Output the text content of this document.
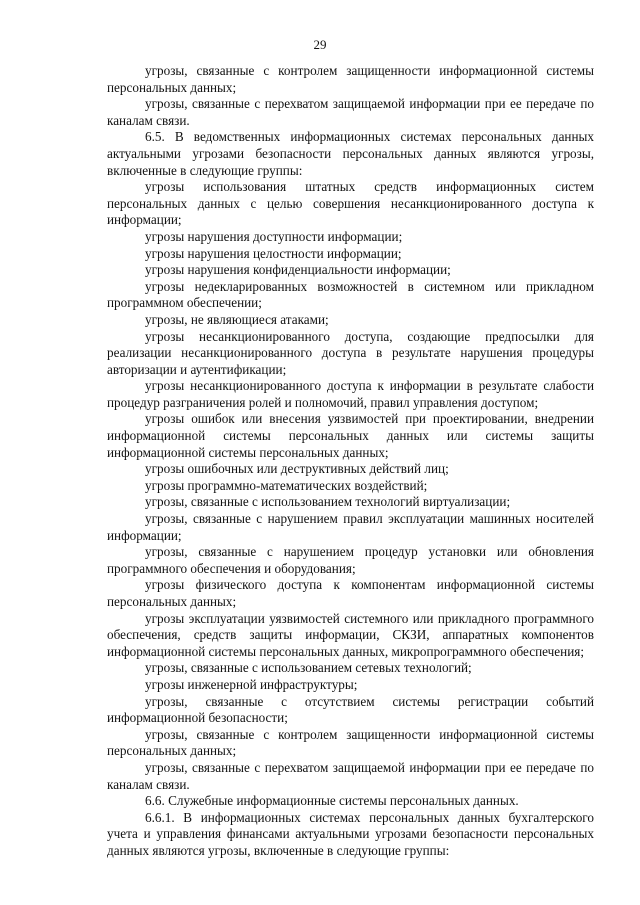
29

угрозы, связанные с контролем защищенности информационной системы персональных данных;

угрозы, связанные с перехватом защищаемой информации при ее передаче по каналам связи.

6.5. В ведомственных информационных системах персональных данных актуальными угрозами безопасности персональных данных являются угрозы, включенные в следующие группы:

угрозы использования штатных средств информационных систем персональных данных с целью совершения несанкционированного доступа к информации;

угрозы нарушения доступности информации;

угрозы нарушения целостности информации;

угрозы нарушения конфиденциальности информации;

угрозы недекларированных возможностей в системном или прикладном программном обеспечении;

угрозы, не являющиеся атаками;

угрозы несанкционированного доступа, создающие предпосылки для реализации несанкционированного доступа в результате нарушения процедуры авторизации и аутентификации;

угрозы несанкционированного доступа к информации в результате слабости процедур разграничения ролей и полномочий, правил управления доступом;

угрозы ошибок или внесения уязвимостей при проектировании, внедрении информационной системы персональных данных или системы защиты информационной системы персональных данных;

угрозы ошибочных или деструктивных действий лиц;

угрозы программно-математических воздействий;

угрозы, связанные с использованием технологий виртуализации;

угрозы, связанные с нарушением правил эксплуатации машинных носителей информации;

угрозы, связанные с нарушением процедур установки или обновления программного обеспечения и оборудования;

угрозы физического доступа к компонентам информационной системы персональных данных;

угрозы эксплуатации уязвимостей системного или прикладного программного обеспечения, средств защиты информации, СКЗИ, аппаратных компонентов информационной системы персональных данных, микропрограммного обеспечения;

угрозы, связанные с использованием сетевых технологий;

угрозы инженерной инфраструктуры;

угрозы, связанные с отсутствием системы регистрации событий информационной безопасности;

угрозы, связанные с контролем защищенности информационной системы персональных данных;

угрозы, связанные с перехватом защищаемой информации при ее передаче по каналам связи.

6.6. Служебные информационные системы персональных данных.

6.6.1. В информационных системах персональных данных бухгалтерского учета и управления финансами актуальными угрозами безопасности персональных данных являются угрозы, включенные в следующие группы:
